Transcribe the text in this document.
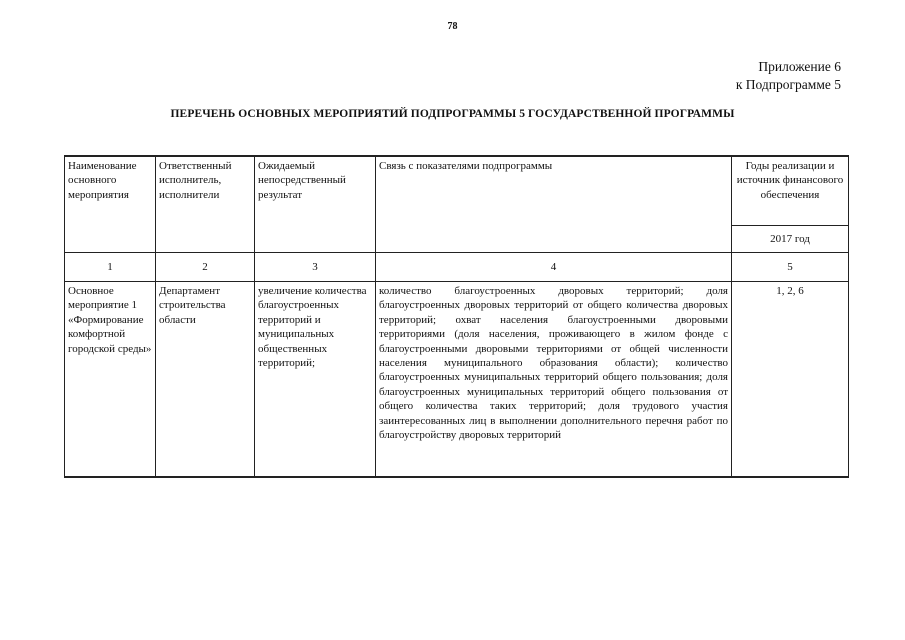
78
Приложение 6
к Подпрограмме 5
ПЕРЕЧЕНЬ ОСНОВНЫХ МЕРОПРИЯТИЙ ПОДПРОГРАММЫ 5 ГОСУДАРСТВЕННОЙ ПРОГРАММЫ
Наименование основного мероприятия	Ответственный исполнитель, исполнители	Ожидаемый непосредственный результат	Связь с показателями подпрограммы	Годы реализации и источник финансового обеспечения
				2017 год
1	2	3	4	5
Основное мероприятие 1 «Формирование комфортной городской среды»	Департамент строительства области	увеличение количества благоустроенных территорий и муниципальных общественных территорий;	количество благоустроенных дворовых территорий; доля благоустроенных дворовых территорий от общего количества дворовых территорий; охват населения благоустроенными дворовыми территориями (доля населения, проживающего в жилом фонде с благоустроенными дворовыми территориями от общей численности населения муниципального образования области); количество благоустроенных муниципальных территорий общего пользования; доля благоустроенных муниципальных территорий общего пользования от общего количества таких территорий; доля трудового участия заинтересованных лиц в выполнении дополнительного перечня работ по благоустройству дворовых территорий	1, 2, 6
